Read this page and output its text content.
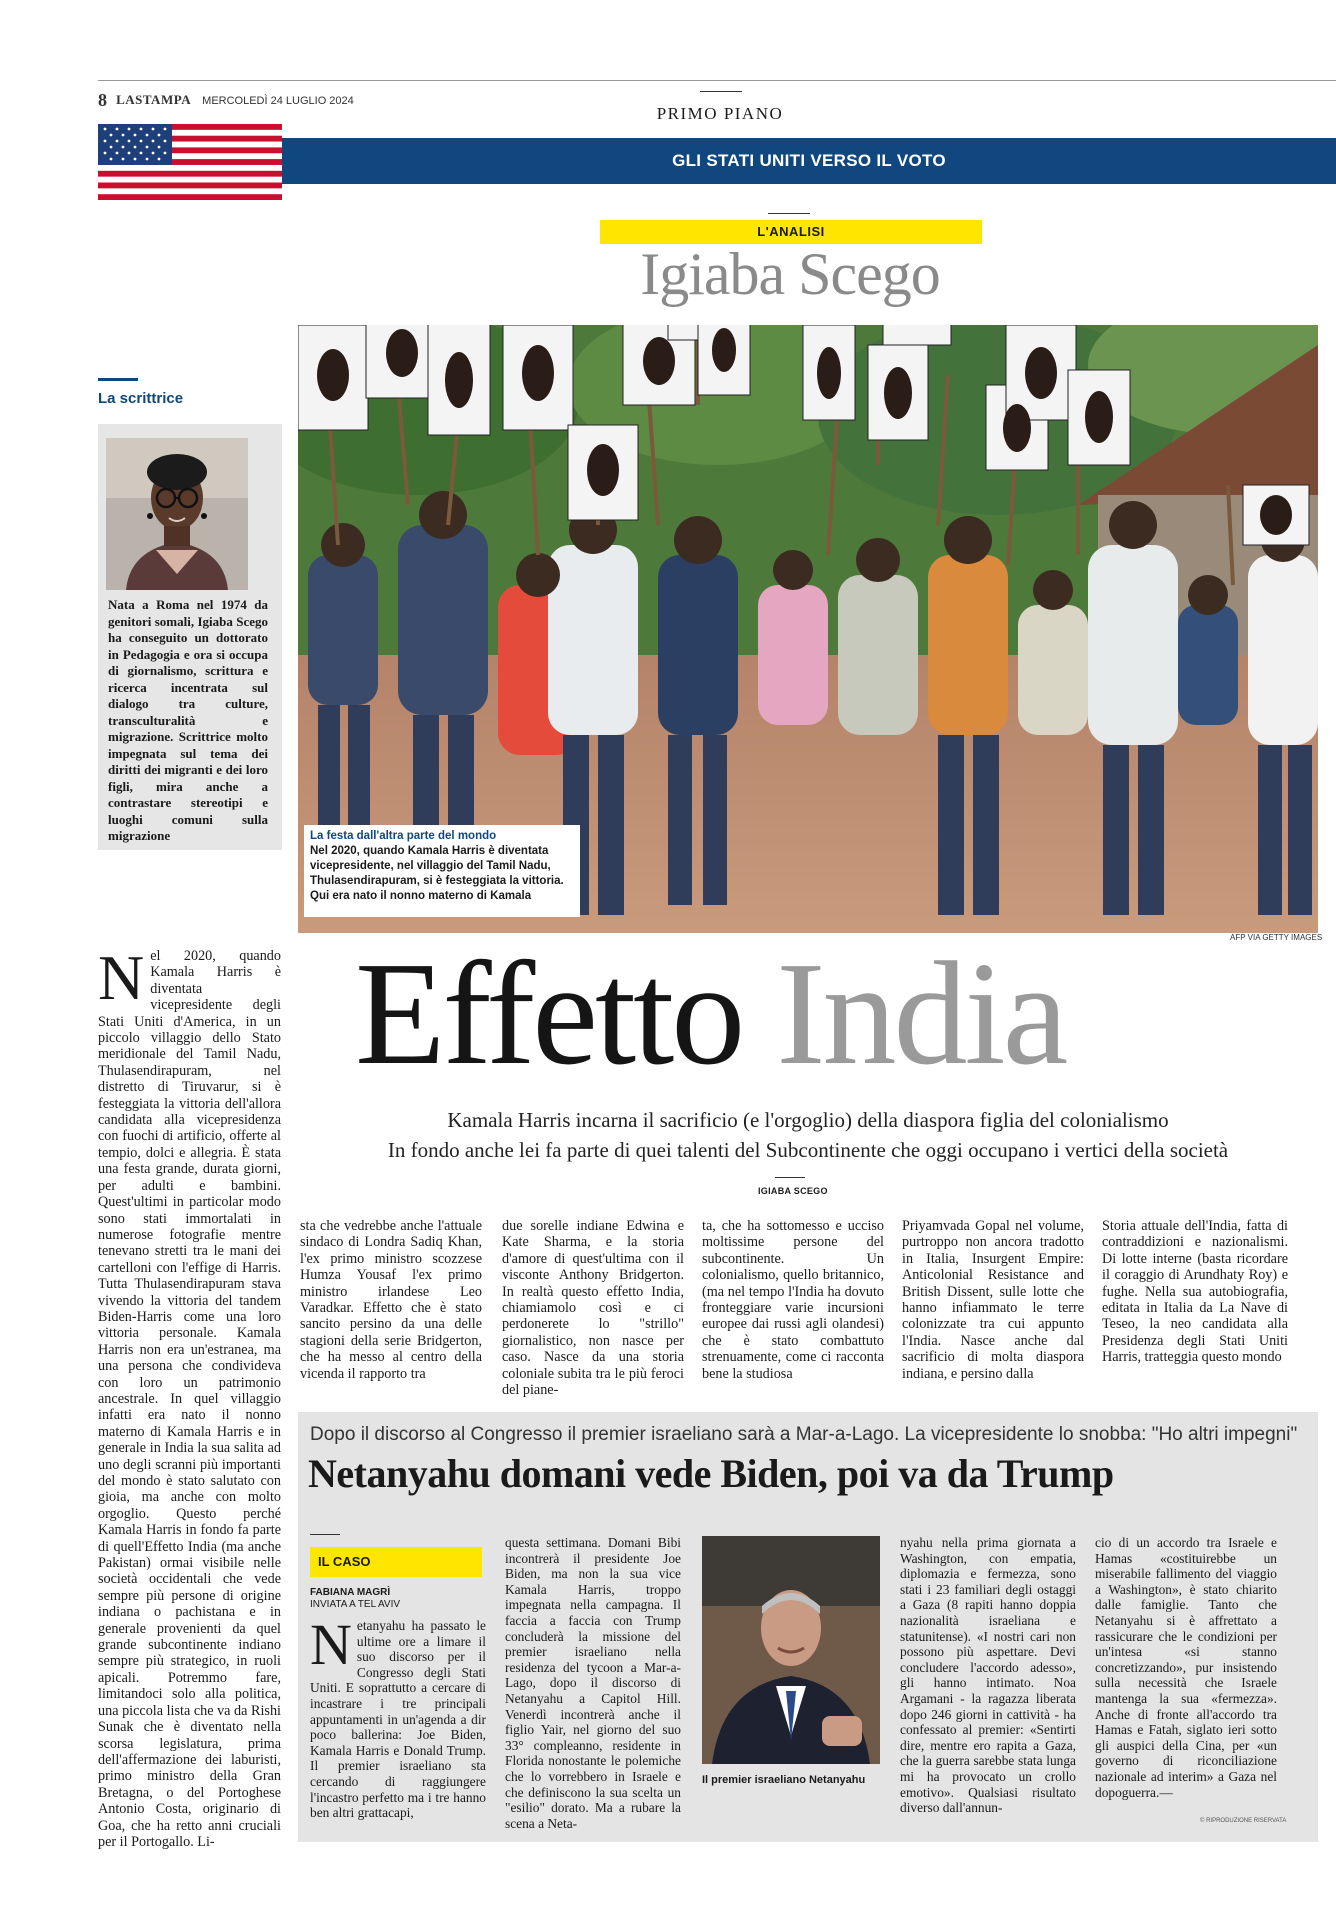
8 LASTAMPA MERCOLEDÌ 24 LUGLIO 2024
PRIMO PIANO
GLI STATI UNITI VERSO IL VOTO
L'ANALISI
Igiaba Scego
La scrittrice
Nata a Roma nel 1974 da genitori somali, Igiaba Scego ha conseguito un dottorato in Pedagogia e ora si occupa di giornalismo, scrittura e ricerca incentrata sul dialogo tra culture, transculturalità e migrazione. Scrittrice molto impegnata sul tema dei diritti dei migranti e dei loro figli, mira anche a contrastare stereotipi e luoghi comuni sulla migrazione	La festa dall'altra parte del mondo
Nel 2020, quando Kamala Harris è diventata vicepresidente, nel villaggio del Tamil Nadu, Thulasendirapuram, si è festeggiata la vittoria. Qui era nato il nonno materno di Kamala
AFP VIA GETTY IMAGES
Effetto India
Kamala Harris incarna il sacrificio (e l'orgoglio) della diaspora figlia del colonialismo
In fondo anche lei fa parte di quei talenti del Subcontinente che oggi occupano i vertici della società
IGIABA SCEGO
N el 2020, quando Kamala Harris è diventata vicepresidente degli Stati Uniti d'America, in un piccolo villaggio dello Stato meridionale del Tamil Nadu, Thulasendirapuram, nel distretto di Tiruvarur, si è festeggiata la vittoria dell'allora candidata alla vicepresidenza con fuochi di artificio, offerte al tempio, dolci e allegria. È stata una festa grande, durata giorni, per adulti e bambini. Quest'ultimi in particolar modo sono stati immortalati in numerose fotografie mentre tenevano stretti tra le mani dei cartelloni con l'effige di Harris. Tutta Thulasendirapuram stava vivendo la vittoria del tandem Biden-Harris come una loro vittoria personale. Kamala Harris non era un'estranea, ma una persona che condivideva con loro un patrimonio ancestrale. In quel villaggio infatti era nato il nonno materno di Kamala Harris e in generale in India la sua salita ad uno degli scranni più importanti del mondo è stato salutato con gioia, ma anche con molto orgoglio. Questo perché Kamala Harris in fondo fa parte di quell'Effetto India (ma anche Pakistan) ormai visibile nelle società occidentali che vede sempre più persone di origine indiana o pachistana e in generale provenienti da quel grande subcontinente indiano sempre più strategico, in ruoli apicali. Potremmo fare, limitandoci solo alla politica, una piccola lista che va da Rishi Sunak che è diventato nella scorsa legislatura, prima dell'affermazione dei laburisti, primo ministro della Gran Bretagna, o del Portoghese Antonio Costa, originario di Goa, che ha retto anni cruciali per il Portogallo. Li-
sta che vedrebbe anche l'attuale sindaco di Londra Sadiq Khan, l'ex primo ministro scozzese Humza Yousaf l'ex primo ministro irlandese Leo Varadkar. Effetto che è stato sancito persino da una delle stagioni della serie Bridgerton, che ha messo al centro della vicenda il rapporto tra
due sorelle indiane Edwina e Kate Sharma, e la storia d'amore di quest'ultima con il visconte Anthony Bridgerton. In realtà questo effetto India, chiamiamolo così e ci perdonerete lo "strillo" giornalistico, non nasce per caso. Nasce da una storia coloniale subita tra le più feroci del piane-
ta, che ha sottomesso e ucciso moltissime persone del subcontinente. Un colonialismo, quello britannico, (ma nel tempo l'India ha dovuto fronteggiare varie incursioni europee dai russi agli olandesi) che è stato combattuto strenuamente, come ci racconta bene la studiosa
Priyamvada Gopal nel volume, purtroppo non ancora tradotto in Italia, Insurgent Empire: Anticolonial Resistance and British Dissent, sulle lotte che hanno infiammato le terre colonizzate tra cui appunto l'India. Nasce anche dal sacrificio di molta diaspora indiana, e persino dalla
Storia attuale dell'India, fatta di contraddizioni e nazionalismi. Di lotte interne (basta ricordare il coraggio di Arundhaty Roy) e fughe. Nella sua autobiografia, editata in Italia da La Nave di Teseo, la neo candidata alla Presidenza degli Stati Uniti Harris, tratteggia questo mondo
Dopo il discorso al Congresso il premier israeliano sarà a Mar-a-Lago. La vicepresidente lo snobba: "Ho altri impegni"
Netanyahu domani vede Biden, poi va da Trump
IL CASO
FABIANA MAGRÌ
INVIATA A TEL AVIV
N etanyahu ha passato le ultime ore a limare il suo discorso per il Congresso degli Stati Uniti. E soprattutto a cercare di incastrare i tre principali appuntamenti in un'agenda a dir poco ballerina: Joe Biden, Kamala Harris e Donald Trump. Il premier israeliano sta cercando di raggiungere l'incastro perfetto ma i tre hanno ben altri grattacapi,
questa settimana. Domani Bibi incontrerà il presidente Joe Biden, ma non la sua vice Kamala Harris, troppo impegnata nella campagna. Il faccia a faccia con Trump concluderà la missione del premier israeliano nella residenza del tycoon a Mar-a-Lago, dopo il discorso di Netanyahu a Capitol Hill. Venerdì incontrerà anche il figlio Yair, nel giorno del suo 33° compleanno, residente in Florida nonostante le polemiche che lo vorrebbero in Israele e che definiscono la sua scelta un "esilio" dorato. Ma a rubare la scena a Neta-
Il premier israeliano Netanyahu
nyahu nella prima giornata a Washington, con empatia, diplomazia e fermezza, sono stati i 23 familiari degli ostaggi a Gaza (8 rapiti hanno doppia nazionalità israeliana e statunitense). «I nostri cari non possono più aspettare. Devi concludere l'accordo adesso», gli hanno intimato. Noa Argamani - la ragazza liberata dopo 246 giorni in cattività - ha confessato al premier: «Sentirti dire, mentre ero rapita a Gaza, che la guerra sarebbe stata lunga mi ha provocato un crollo emotivo». Qualsiasi risultato diverso dall'annun-
cio di un accordo tra Israele e Hamas «costituirebbe un miserabile fallimento del viaggio a Washington», è stato chiarito dalle famiglie. Tanto che Netanyahu si è affrettato a rassicurare che le condizioni per un'intesa «si stanno concretizzando», pur insistendo sulla necessità che Israele mantenga la sua «fermezza». Anche di fronte all'accordo tra Hamas e Fatah, siglato ieri sotto gli auspici della Cina, per «un governo di riconciliazione nazionale ad interim» a Gaza nel dopoguerra.—
© RIPRODUZIONE RISERVATA
